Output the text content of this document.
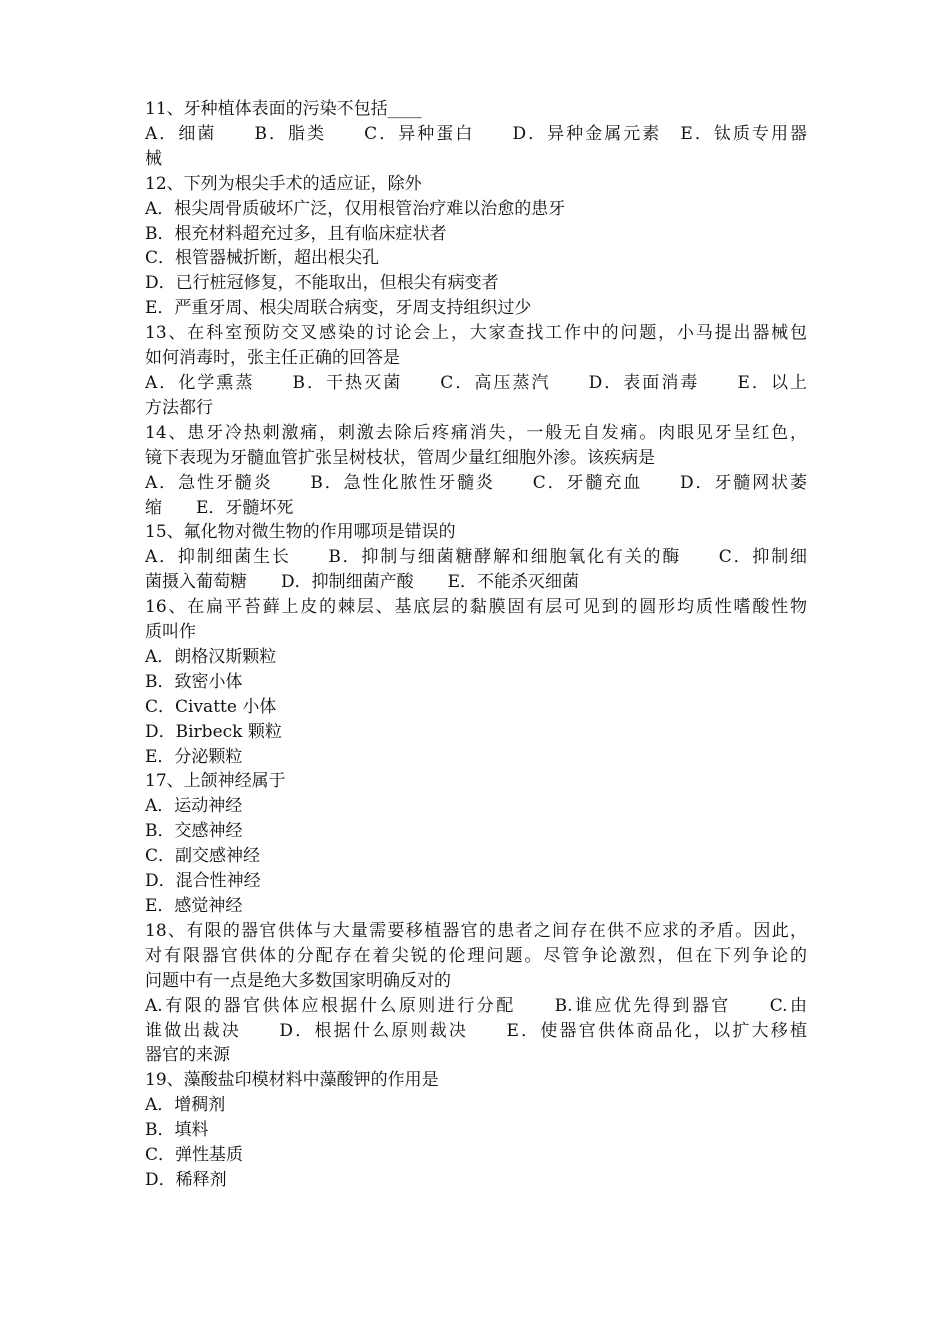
11、牙种植体表面的污染不包括____
A．细菌　　B．脂类　　C．异种蛋白　　D．异种金属元素　E．钛质专用器
械
12、下列为根尖手术的适应证，除外
A．根尖周骨质破坏广泛，仅用根管治疗难以治愈的患牙
B．根充材料超充过多，且有临床症状者
C．根管器械折断，超出根尖孔
D．已行桩冠修复，不能取出，但根尖有病变者
E．严重牙周、根尖周联合病变，牙周支持组织过少
13、在科室预防交叉感染的讨论会上，大家查找工作中的问题，小马提出器械包
如何消毒时，张主任正确的回答是
A．化学熏蒸　　B．干热灭菌　　C．高压蒸汽　　D．表面消毒　　E．以上
方法都行
14、患牙冷热刺激痛，刺激去除后疼痛消失，一般无自发痛。肉眼见牙呈红色，
镜下表现为牙髓血管扩张呈树枝状，管周少量红细胞外渗。该疾病是
A．急性牙髓炎　　B．急性化脓性牙髓炎　　C．牙髓充血　　D．牙髓网状萎
缩　　E．牙髓坏死
15、氟化物对微生物的作用哪项是错误的
A．抑制细菌生长　　B．抑制与细菌糖酵解和细胞氧化有关的酶　　C．抑制细
菌摄入葡萄糖　　D．抑制细菌产酸　　E．不能杀灭细菌
16、在扁平苔藓上皮的棘层、基底层的黏膜固有层可见到的圆形均质性嗜酸性物
质叫作
A．朗格汉斯颗粒
B．致密小体
C．Civatte 小体
D．Birbeck 颗粒
E．分泌颗粒
17、上颌神经属于
A．运动神经
B．交感神经
C．副交感神经
D．混合性神经
E．感觉神经
18、有限的器官供体与大量需要移植器官的患者之间存在供不应求的矛盾。因此，
对有限器官供体的分配存在着尖锐的伦理问题。尽管争论激烈，但在下列争论的
问题中有一点是绝大多数国家明确反对的
A.有限的器官供体应根据什么原则进行分配　　B.谁应优先得到器官　　C.由
谁做出裁决　　D．根据什么原则裁决　　E．使器官供体商品化，以扩大移植
器官的来源
19、藻酸盐印模材料中藻酸钾的作用是
A．增稠剂
B．填料
C．弹性基质
D．稀释剂
